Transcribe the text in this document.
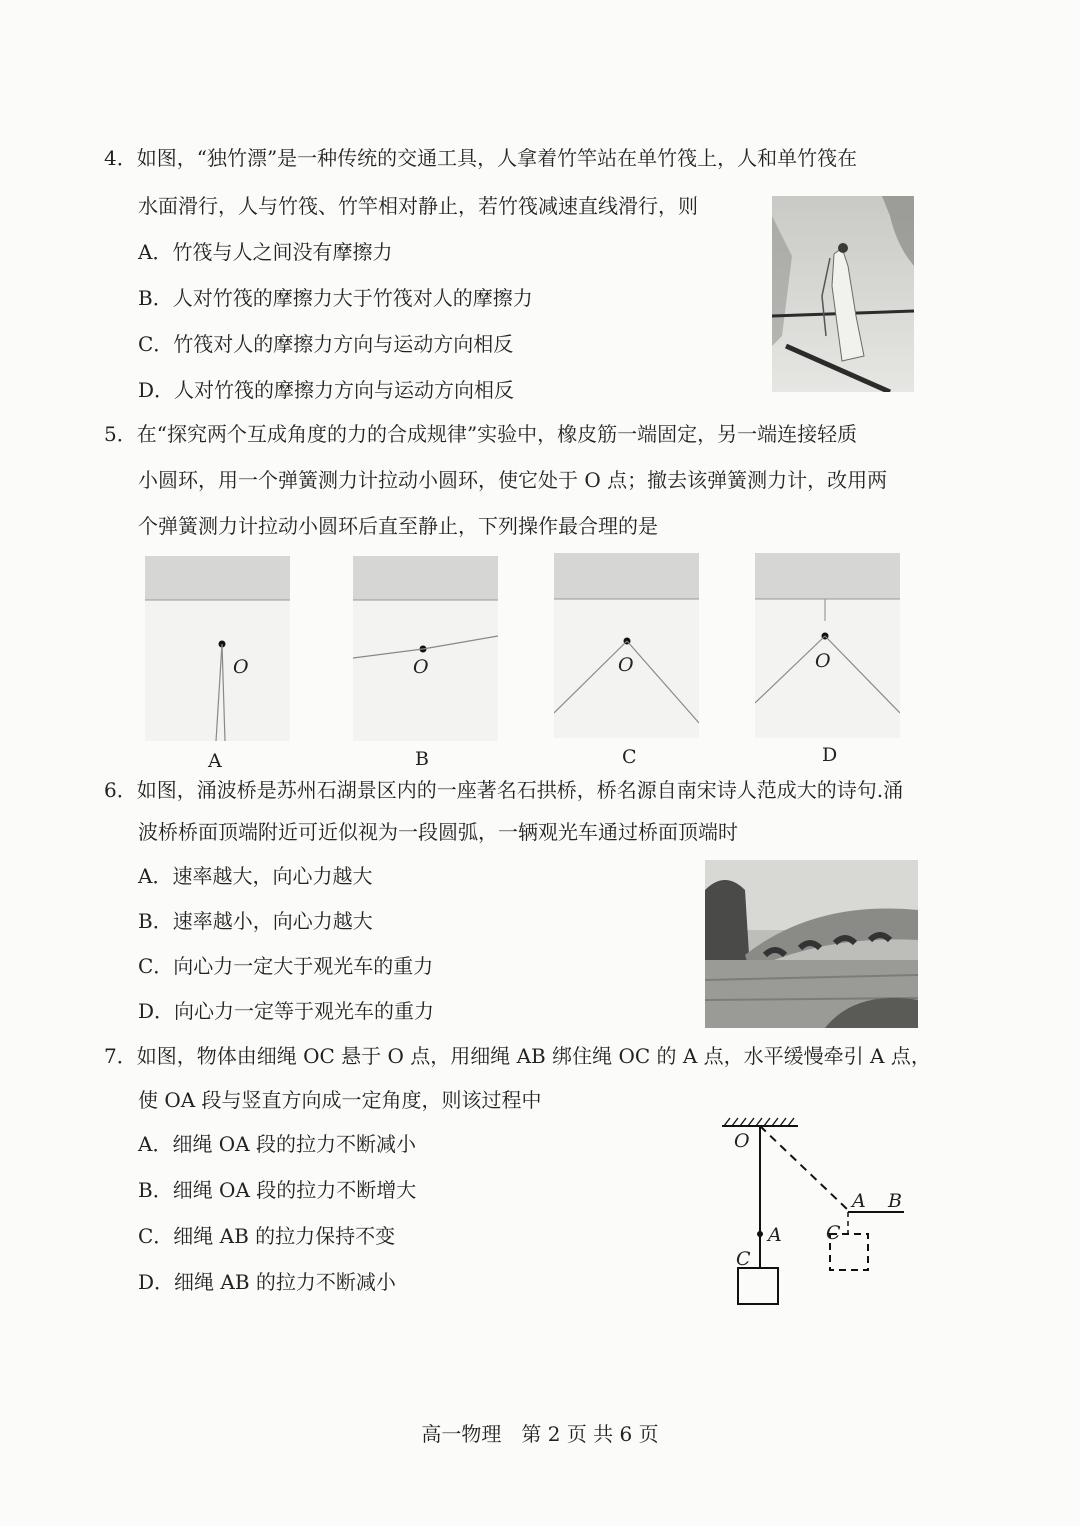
4．如图，“独竹漂”是一种传统的交通工具，人拿着竹竿站在单竹筏上，人和单竹筏在
水面滑行，人与竹筏、竹竿相对静止，若竹筏减速直线滑行，则
A．竹筏与人之间没有摩擦力
B．人对竹筏的摩擦力大于竹筏对人的摩擦力
C．竹筏对人的摩擦力方向与运动方向相反
D．人对竹筏的摩擦力方向与运动方向相反
5．在“探究两个互成角度的力的合成规律”实验中，橡皮筋一端固定，另一端连接轻质
小圆环，用一个弹簧测力计拉动小圆环，使它处于 O 点；撤去该弹簧测力计，改用两
个弹簧测力计拉动小圆环后直至静止，下列操作最合理的是
O
A
O
B
O
C
O
D
6．如图，涌波桥是苏州石湖景区内的一座著名石拱桥，桥名源自南宋诗人范成大的诗句.涌
波桥桥面顶端附近可近似视为一段圆弧，一辆观光车通过桥面顶端时
A．速率越大，向心力越大
B．速率越小，向心力越大
C．向心力一定大于观光车的重力
D．向心力一定等于观光车的重力
7．如图，物体由细绳 OC 悬于 O 点，用细绳 AB 绑住绳 OC 的 A 点，水平缓慢牵引 A 点，
使 OA 段与竖直方向成一定角度，则该过程中
A．细绳 OA 段的拉力不断减小
B．细绳 OA 段的拉力不断增大
C．细绳 AB 的拉力保持不变
D．细绳 AB 的拉力不断减小
O
A
C
A B
C
高一物理　第 2 页 共 6 页
